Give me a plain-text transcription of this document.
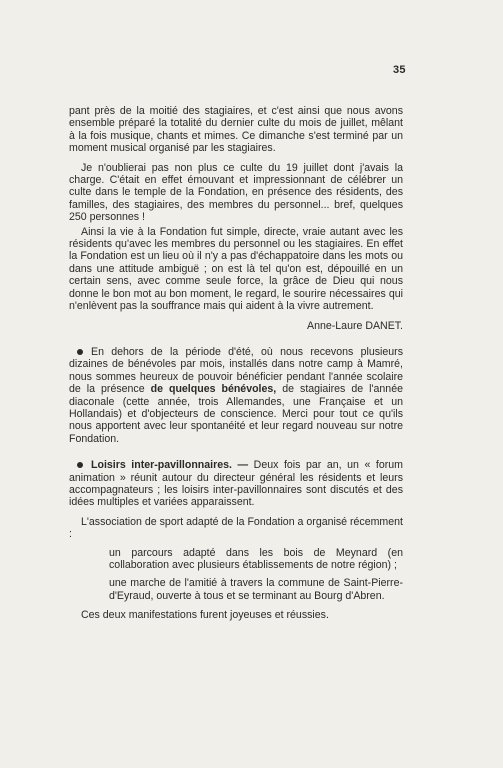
35

pant près de la moitié des stagiaires, et c'est ainsi que nous avons ensemble préparé la totalité du dernier culte du mois de juillet, mêlant à la fois musique, chants et mimes. Ce dimanche s'est terminé par un moment musical organisé par les stagiaires.

Je n'oublierai pas non plus ce culte du 19 juillet dont j'avais la charge. C'était en effet émouvant et impressionnant de célébrer un culte dans le temple de la Fondation, en présence des résidents, des familles, des stagiaires, des membres du personnel... bref, quelques 250 personnes !

Ainsi la vie à la Fondation fut simple, directe, vraie autant avec les résidents qu'avec les membres du personnel ou les stagiaires. En effet la Fondation est un lieu où il n'y a pas d'échappatoire dans les mots ou dans une attitude ambiguë ; on est là tel qu'on est, dépouillé en un certain sens, avec comme seule force, la grâce de Dieu qui nous donne le bon mot au bon moment, le regard, le sourire nécessaires qui n'enlèvent pas la souffrance mais qui aident à la vivre autrement.

Anne-Laure DANET.

En dehors de la période d'été, où nous recevons plusieurs dizaines de bénévoles par mois, installés dans notre camp à Mamré, nous sommes heureux de pouvoir bénéficier pendant l'année scolaire de la présence de quelques bénévoles, de stagiaires de l'année diaconale (cette année, trois Allemandes, une Française et un Hollandais) et d'objecteurs de conscience. Merci pour tout ce qu'ils nous apportent avec leur spontanéité et leur regard nouveau sur notre Fondation.

Loisirs inter-pavillonnaires. — Deux fois par an, un « forum animation » réunit autour du directeur général les résidents et leurs accompagnateurs ; les loisirs inter-pavillonnaires sont discutés et des idées multiples et variées apparaissent.

L'association de sport adapté de la Fondation a organisé récemment :

un parcours adapté dans les bois de Meynard (en collaboration avec plusieurs établissements de notre région) ;

une marche de l'amitié à travers la commune de Saint-Pierre-d'Eyraud, ouverte à tous et se terminant au Bourg d'Abren.

Ces deux manifestations furent joyeuses et réussies.
